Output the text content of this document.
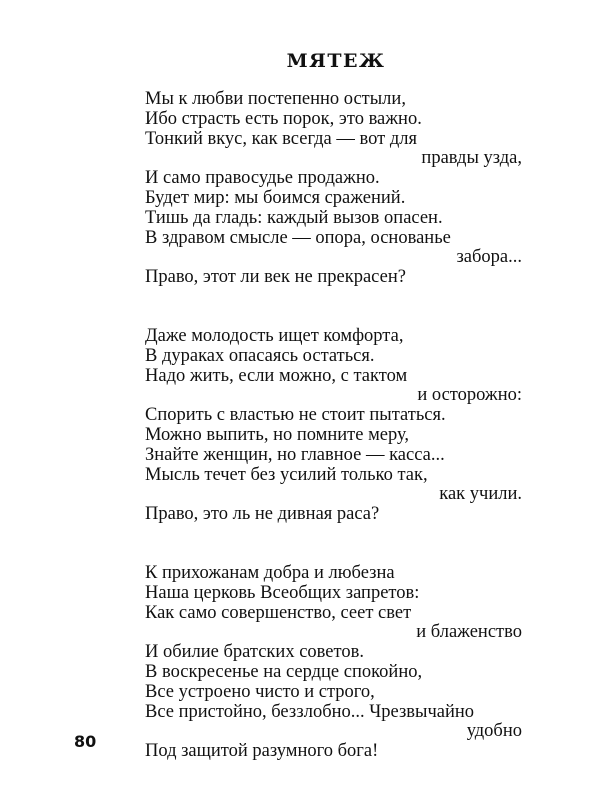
МЯТЕЖ
Мы к любви постепенно остыли,
Ибо страсть есть порок, это важно.
Тонкий вкус, как всегда — вот для
правды узда,
И само правосудье продажно.
Будет мир: мы боимся сражений.
Тишь да гладь: каждый вызов опасен.
В здравом смысле — опора, основанье
забора...
Право, этот ли век не прекрасен?
Даже молодость ищет комфорта,
В дураках опасаясь остаться.
Надо жить, если можно, с тактом
и осторожно:
Спорить с властью не стоит пытаться.
Можно выпить, но помните меру,
Знайте женщин, но главное — касса...
Мысль течет без усилий только так,
как учили.
Право, это ль не дивная раса?
К прихожанам добра и любезна
Наша церковь Всеобщих запретов:
Как само совершенство, сеет свет
и блаженство
И обилие братских советов.
В воскресенье на сердце спокойно,
Все устроено чисто и строго,
Все пристойно, беззлобно... Чрезвычайно
удобно
Под защитой разумного бога!
80
